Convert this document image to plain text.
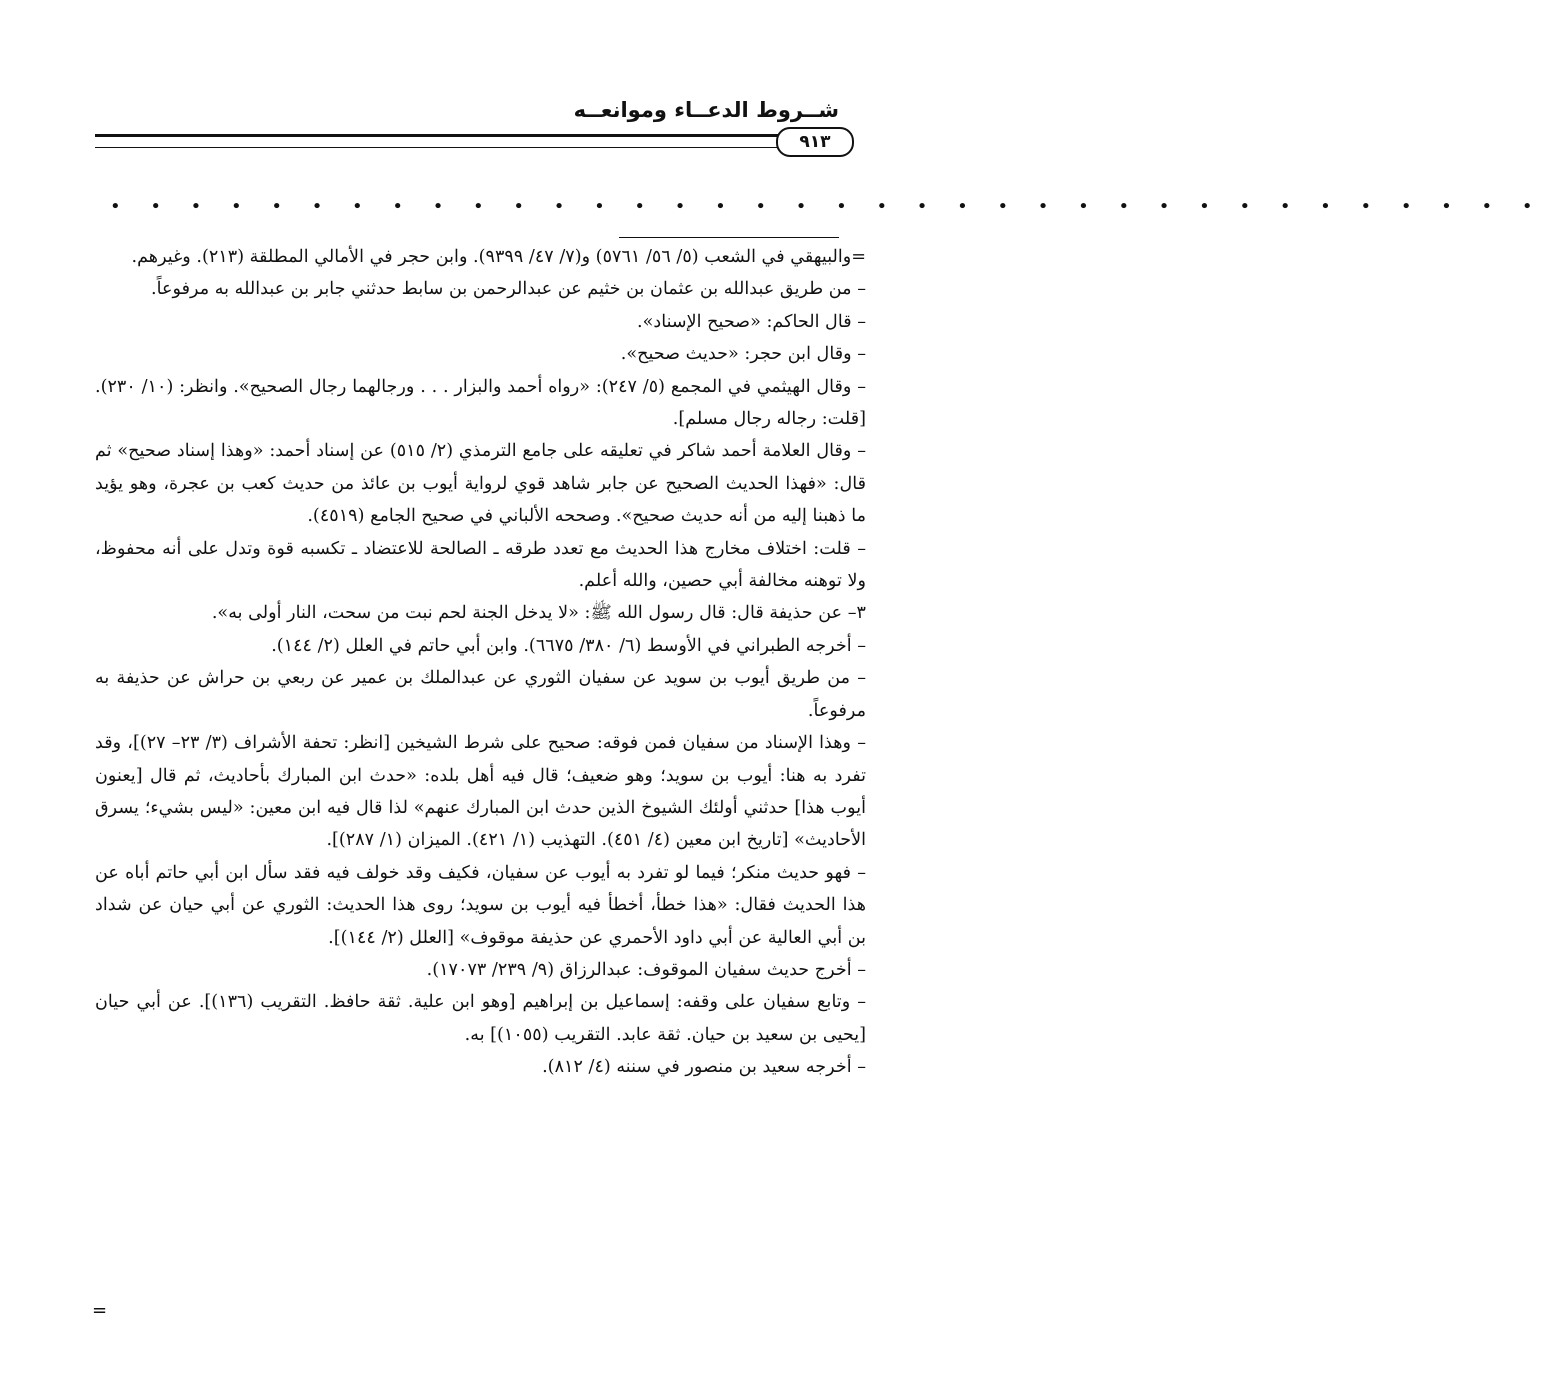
شــروط الدعــاء وموانعــه
٩١٣
• • • • • • • • • • • • • • • • • • • • • • • • • • • • • • • • • • • •

=والبيهقي في الشعب (٥/ ٥٦/ ٥٧٦١) و(٧/ ٤٧/ ٩٣٩٩). وابن حجر في الأمالي المطلقة (٢١٣). وغيرهم.

– من طريق عبدالله بن عثمان بن خثيم عن عبدالرحمن بن سابط حدثني جابر بن عبدالله به مرفوعاً.

– قال الحاكم: «صحيح الإسناد».

– وقال ابن حجر: «حديث صحيح».

– وقال الهيثمي في المجمع (٥/ ٢٤٧): «رواه أحمد والبزار . . . ورجالهما رجال الصحيح». وانظر: (١٠/ ٢٣٠). [قلت: رجاله رجال مسلم].

– وقال العلامة أحمد شاكر في تعليقه على جامع الترمذي (٢/ ٥١٥) عن إسناد أحمد: «وهذا إسناد صحيح» ثم قال: «فهذا الحديث الصحيح عن جابر شاهد قوي لرواية أيوب بن عائذ من حديث كعب بن عجرة، وهو يؤيد ما ذهبنا إليه من أنه حديث صحيح». وصححه الألباني في صحيح الجامع (٤٥١٩).

– قلت: اختلاف مخارج هذا الحديث مع تعدد طرقه ـ الصالحة للاعتضاد ـ تكسبه قوة وتدل على أنه محفوظ، ولا توهنه مخالفة أبي حصين، والله أعلم.

٣– عن حذيفة قال: قال رسول الله ﷺ: «لا يدخل الجنة لحم نبت من سحت، النار أولى به».

– أخرجه الطبراني في الأوسط (٦/ ٣٨٠/ ٦٦٧٥). وابن أبي حاتم في العلل (٢/ ١٤٤).

– من طريق أيوب بن سويد عن سفيان الثوري عن عبدالملك بن عمير عن ربعي بن حراش عن حذيفة به مرفوعاً.

– وهذا الإسناد من سفيان فمن فوقه: صحيح على شرط الشيخين [انظر: تحفة الأشراف (٣/ ٢٣– ٢٧)]، وقد تفرد به هنا: أيوب بن سويد؛ وهو ضعيف؛ قال فيه أهل بلده: «حدث ابن المبارك بأحاديث، ثم قال [يعنون أيوب هذا] حدثني أولئك الشيوخ الذين حدث ابن المبارك عنهم» لذا قال فيه ابن معين: «ليس بشيء؛ يسرق الأحاديث» [تاريخ ابن معين (٤/ ٤٥١). التهذيب (١/ ٤٢١). الميزان (١/ ٢٨٧)].

– فهو حديث منكر؛ فيما لو تفرد به أيوب عن سفيان، فكيف وقد خولف فيه فقد سأل ابن أبي حاتم أباه عن هذا الحديث فقال: «هذا خطأ، أخطأ فيه أيوب بن سويد؛ روى هذا الحديث: الثوري عن أبي حيان عن شداد بن أبي العالية عن أبي داود الأحمري عن حذيفة موقوف» [العلل (٢/ ١٤٤)].

– أخرج حديث سفيان الموقوف: عبدالرزاق (٩/ ٢٣٩/ ١٧٠٧٣).

– وتابع سفيان على وقفه: إسماعيل بن إبراهيم [وهو ابن علية. ثقة حافظ. التقريب (١٣٦)]. عن أبي حيان [يحيى بن سعيد بن حيان. ثقة عابد. التقريب (١٠٥٥)] به.

– أخرجه سعيد بن منصور في سننه (٤/ ٨١٢).

=
